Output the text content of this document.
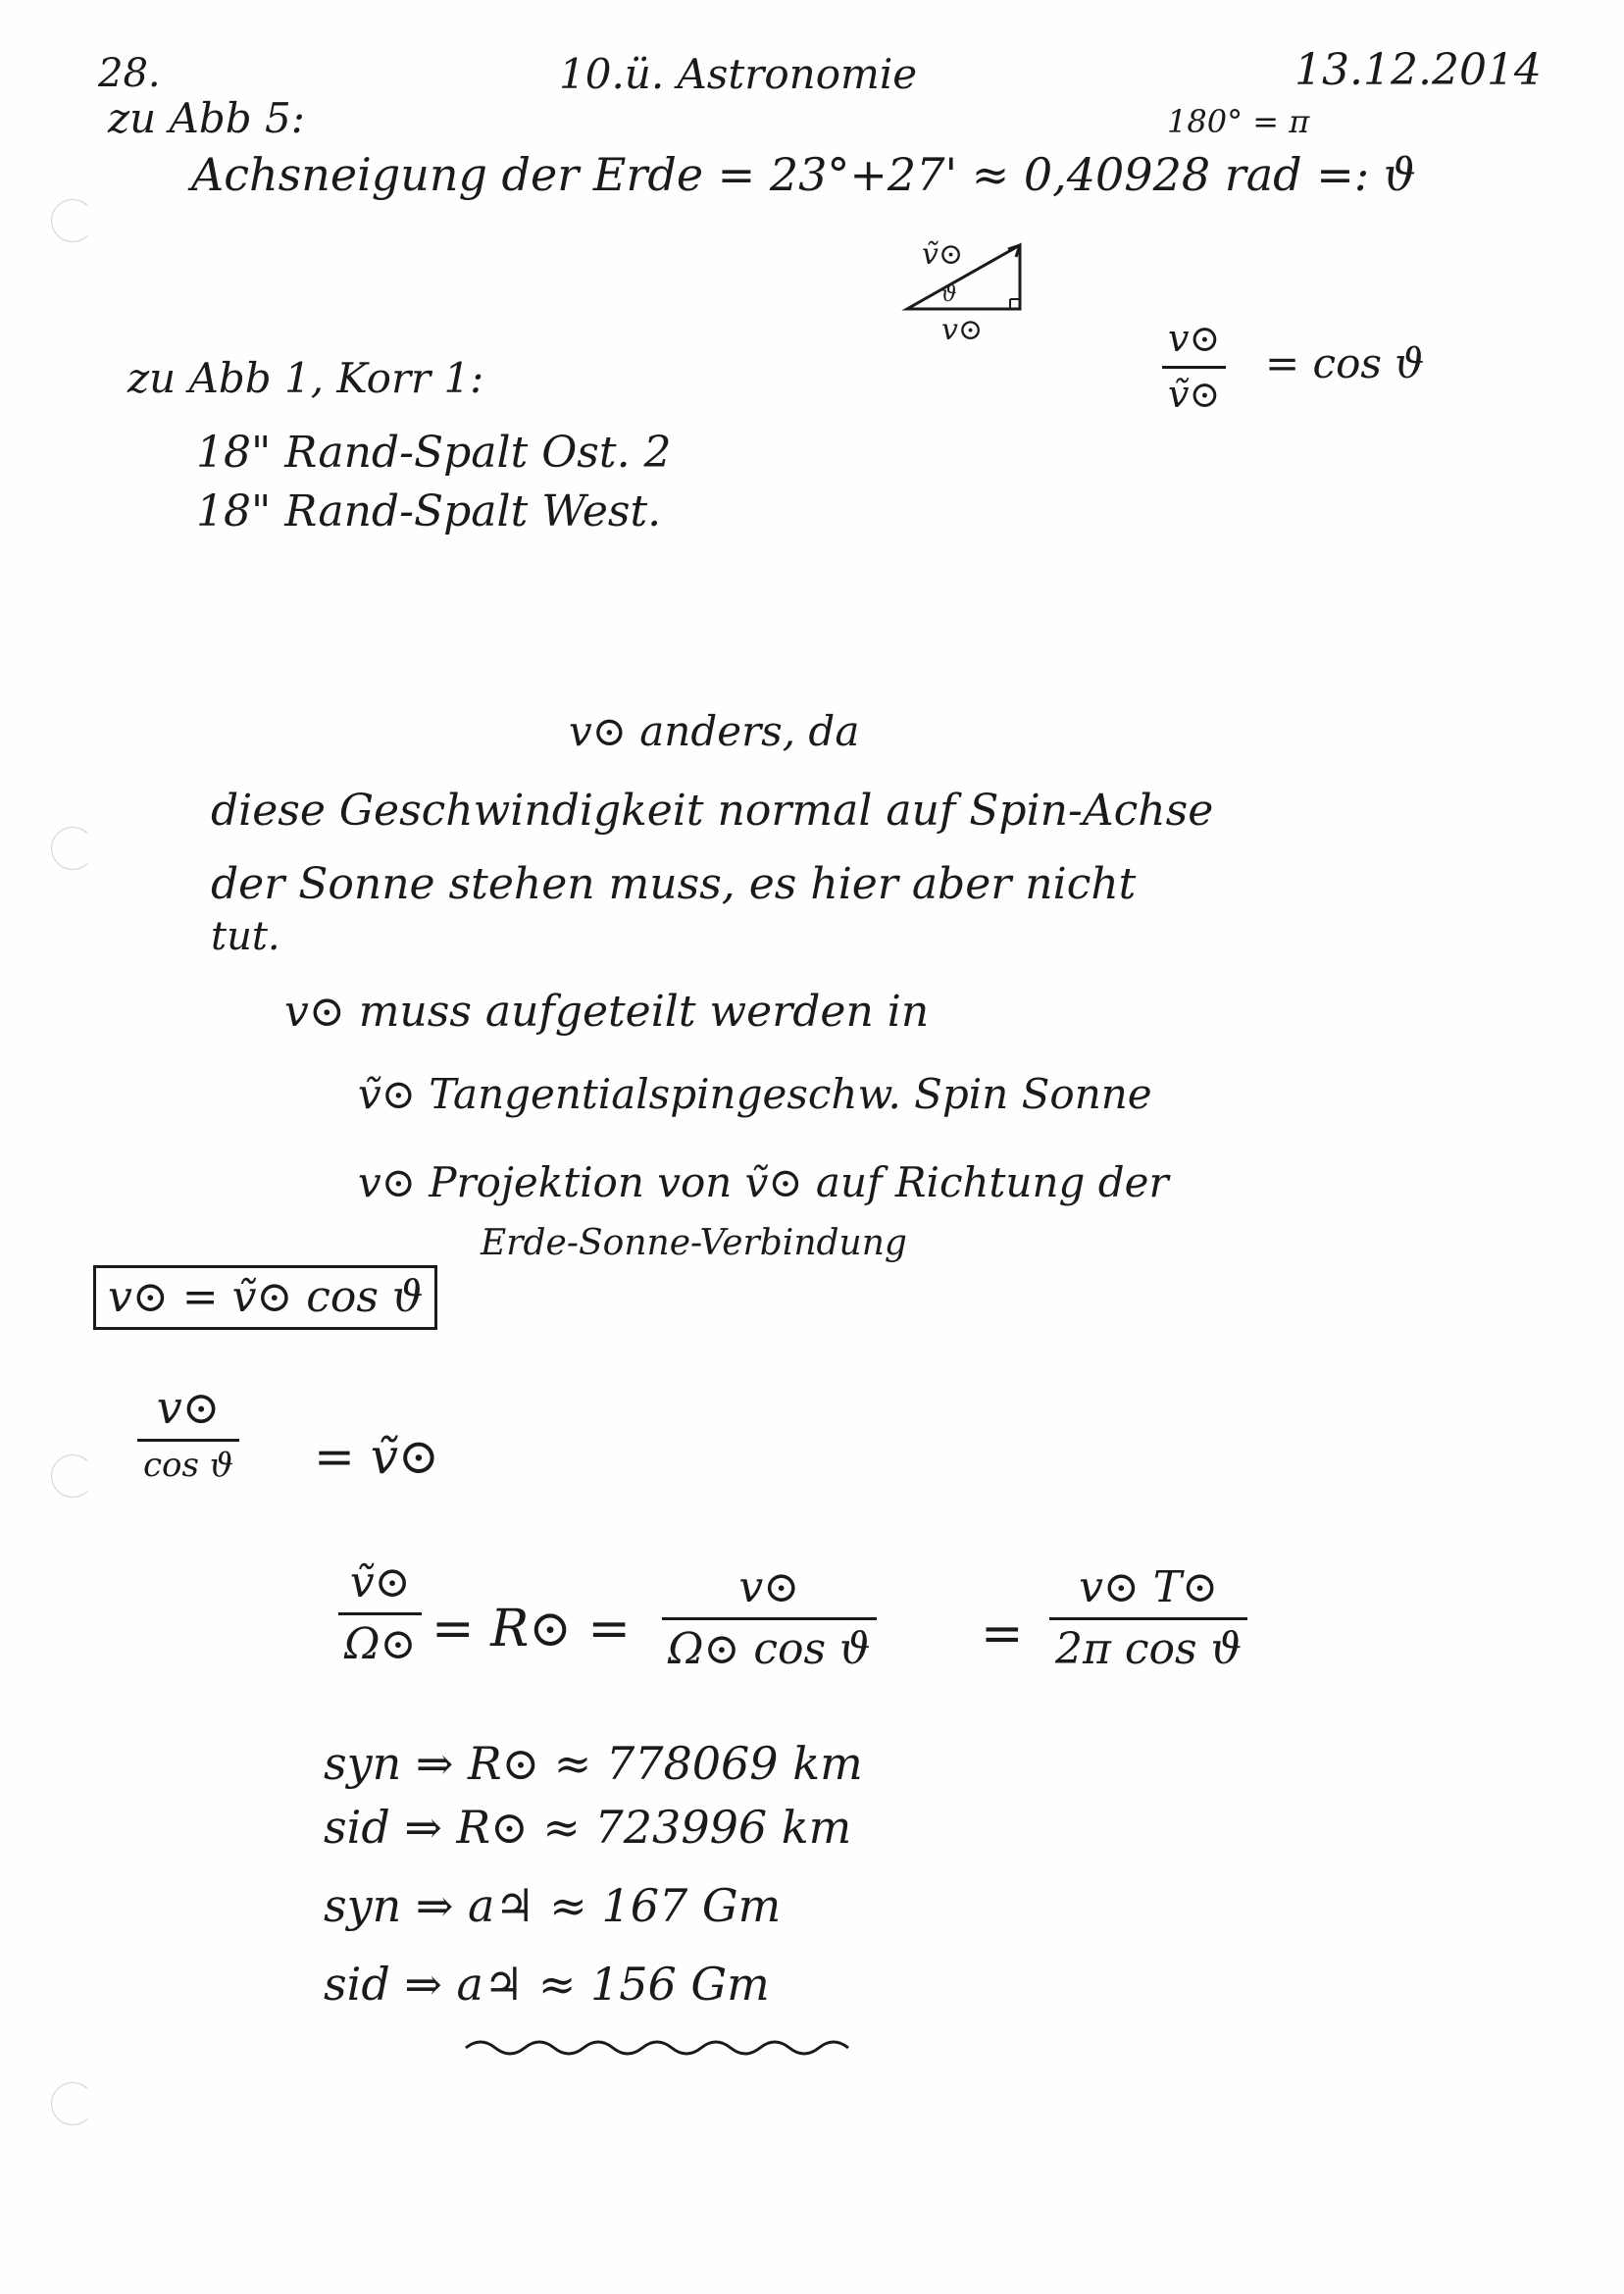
28.	10.ü. Astronomie	13.12.2014
zu Abb 5:	180° = π
Achsneigung der Erde = 23°+27' ≈ 0,40928 rad =: ϑ
ṽ⊙
ϑ
v⊙	v⊙
ṽ⊙
= cos ϑ
zu Abb 1, Korr 1:
18" Rand-Spalt Ost. 2
18" Rand-Spalt West.
v⊙ anders, da
diese Geschwindigkeit normal auf Spin-Achse
der Sonne stehen muss, es hier aber nicht
tut.
v⊙ muss aufgeteilt werden in
ṽ⊙ Tangentialspingeschw. Spin Sonne
v⊙ Projektion von ṽ⊙ auf Richtung der
Erde-Sonne-Verbindung
v⊙ = ṽ⊙ cos ϑ
v⊙
cos ϑ = ṽ⊙
ṽ⊙
Ω⊙ = R⊙ =
v⊙
Ω⊙ cos ϑ =
v⊙ T⊙
2π cos ϑ
syn ⇒ R⊙ ≈ 778069 km
sid ⇒ R⊙ ≈ 723996 km
syn ⇒ a♃ ≈ 167 Gm
sid ⇒ a♃ ≈ 156 Gm
